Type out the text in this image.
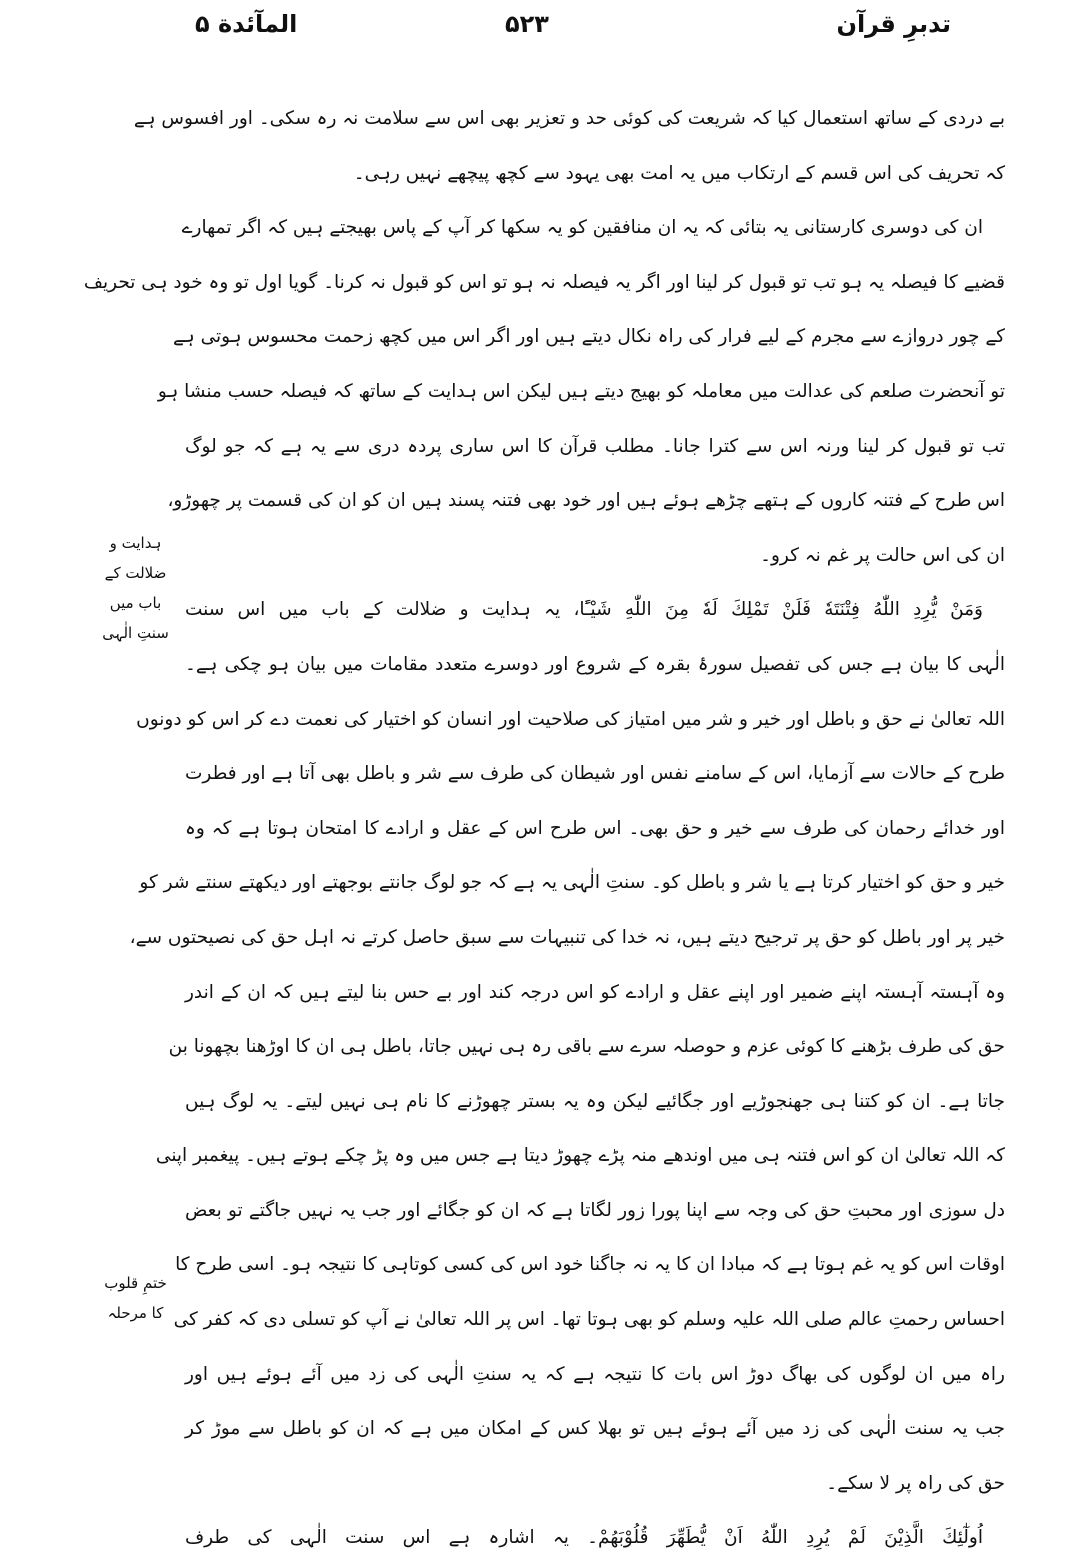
تدبرِ قرآن
۵۲۳
المآئدة ۵
بے دردی کے ساتھ استعمال کیا کہ شریعت کی کوئی حد و تعزیر بھی اس سے سلامت نہ رہ سکی۔ اور افسوس ہے
کہ تحریف کی اس قسم کے ارتکاب میں یہ امت بھی یہود سے کچھ پیچھے نہیں رہی۔
ان کی دوسری کارستانی یہ بتائی کہ یہ ان منافقین کو یہ سکھا کر آپ کے پاس بھیجتے ہیں کہ اگر تمھارے
قضیے کا فیصلہ یہ ہو تب تو قبول کر لینا اور اگر یہ فیصلہ نہ ہو تو اس کو قبول نہ کرنا۔ گویا اول تو وہ خود ہی تحریف
کے چور دروازے سے مجرم کے لیے فرار کی راہ نکال دیتے ہیں اور اگر اس میں کچھ زحمت محسوس ہوتی ہے
تو آنحضرت صلعم کی عدالت میں معاملہ کو بھیج دیتے ہیں لیکن اس ہدایت کے ساتھ کہ فیصلہ حسب منشا ہو
تب تو قبول کر لینا ورنہ اس سے کترا جانا۔ مطلب قرآن کا اس ساری پردہ دری سے یہ ہے کہ جو لوگ
اس طرح کے فتنہ کاروں کے ہتھے چڑھے ہوئے ہیں اور خود بھی فتنہ پسند ہیں ان کو ان کی قسمت پر چھوڑو،
ان کی اس حالت پر غم نہ کرو۔
وَمَنْ يُّرِدِ اللّٰهُ فِتْنَتَهٗ فَلَنْ تَمْلِكَ لَهٗ مِنَ اللّٰهِ شَيْـًٔا، یہ ہدایت و ضلالت کے باب میں اس سنت
الٰہی کا بیان ہے جس کی تفصیل سورۂ بقرہ کے شروع اور دوسرے متعدد مقامات میں بیان ہو چکی ہے۔
اللہ تعالیٰ نے حق و باطل اور خیر و شر میں امتیاز کی صلاحیت اور انسان کو اختیار کی نعمت دے کر اس کو دونوں
طرح کے حالات سے آزمایا، اس کے سامنے نفس اور شیطان کی طرف سے شر و باطل بھی آتا ہے اور فطرت
اور خدائے رحمان کی طرف سے خیر و حق بھی۔ اس طرح اس کے عقل و ارادے کا امتحان ہوتا ہے کہ وہ
خیر و حق کو اختیار کرتا ہے یا شر و باطل کو۔ سنتِ الٰہی یہ ہے کہ جو لوگ جانتے بوجھتے اور دیکھتے سنتے شر کو
خیر پر اور باطل کو حق پر ترجیح دیتے ہیں، نہ خدا کی تنبیہات سے سبق حاصل کرتے نہ اہل حق کی نصیحتوں سے،
وہ آہستہ آہستہ اپنے ضمیر اور اپنے عقل و ارادے کو اس درجہ کند اور بے حس بنا لیتے ہیں کہ ان کے اندر
حق کی طرف بڑھنے کا کوئی عزم و حوصلہ سرے سے باقی رہ ہی نہیں جاتا، باطل ہی ان کا اوڑھنا بچھونا بن
جاتا ہے۔ ان کو کتنا ہی جھنجوڑیے اور جگائیے لیکن وہ یہ بستر چھوڑنے کا نام ہی نہیں لیتے۔ یہ لوگ ہیں
کہ اللہ تعالیٰ ان کو اس فتنہ ہی میں اوندھے منہ پڑے چھوڑ دیتا ہے جس میں وہ پڑ چکے ہوتے ہیں۔ پیغمبر اپنی
دل سوزی اور محبتِ حق کی وجہ سے اپنا پورا زور لگاتا ہے کہ ان کو جگائے اور جب یہ نہیں جاگتے تو بعض
اوقات اس کو یہ غم ہوتا ہے کہ مبادا ان کا یہ نہ جاگنا خود اس کی کسی کوتاہی کا نتیجہ ہو۔ اسی طرح کا
احساس رحمتِ عالم صلی اللہ علیہ وسلم کو بھی ہوتا تھا۔ اس پر اللہ تعالیٰ نے آپ کو تسلی دی کہ کفر کی
راہ میں ان لوگوں کی بھاگ دوڑ اس بات کا نتیجہ ہے کہ یہ سنتِ الٰہی کی زد میں آئے ہوئے ہیں اور
جب یہ سنت الٰہی کی زد میں آئے ہوئے ہیں تو بھلا کس کے امکان میں ہے کہ ان کو باطل سے موڑ کر
حق کی راہ پر لا سکے۔
اُولٰٓئِكَ الَّذِيْنَ لَمْ يُرِدِ اللّٰهُ اَنْ يُّطَهِّرَ قُلُوْبَهُمْ۔ یہ اشارہ ہے اس سنت الٰہی کی طرف
ہدایت و
ضلالت کے
باب میں
سنتِ الٰہی
ختمِ قلوب
کا مرحلہ
